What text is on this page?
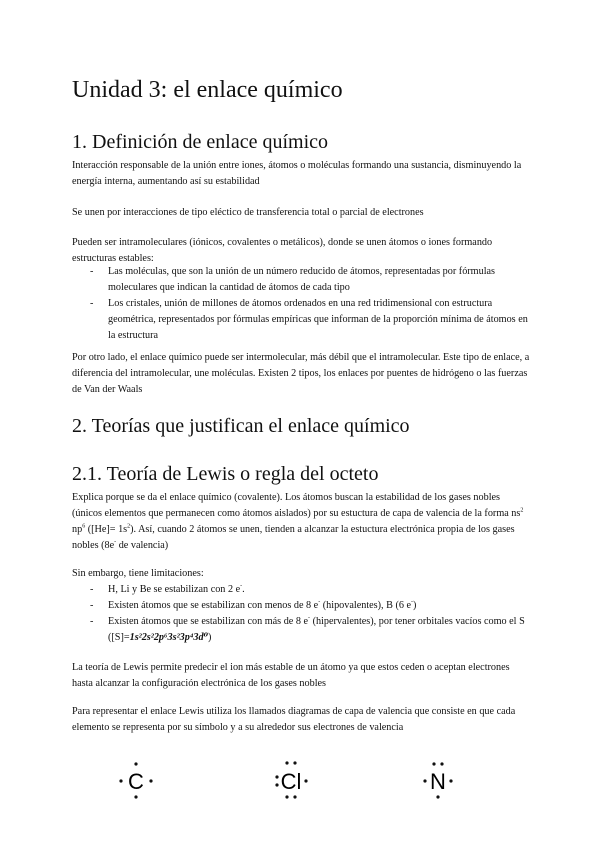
Unidad 3: el enlace químico
1. Definición de enlace químico
Interacción responsable de la unión entre iones, átomos o moléculas formando una sustancia, disminuyendo la energía interna, aumentando así su estabilidad
Se unen por interacciones de tipo eléctico de transferencia total o parcial de electrones
Pueden ser intramoleculares (iónicos, covalentes o metálicos), donde se unen átomos o iones formando estructuras estables:
- Las moléculas, que son la unión de un número reducido de átomos, representadas por fórmulas moleculares que indican la cantidad de átomos de cada tipo
- Los cristales, unión de millones de átomos ordenados en una red tridimensional con estructura geométrica, representados por fórmulas empíricas que informan de la proporción mínima de átomos en la estructura
Por otro lado, el enlace químico puede ser intermolecular, más débil que el intramolecular. Este tipo de enlace, a diferencia del intramolecular, une moléculas. Existen 2 tipos, los enlaces por puentes de hidrógeno o las fuerzas de Van der Waals
2. Teorías que justifican el enlace químico
2.1. Teoría de Lewis o regla del octeto
Explica porque se da el enlace químico (covalente). Los átomos buscan la estabilidad de los gases nobles (únicos elementos que permanecen como átomos aislados) por su estuctura de capa de valencia de la forma $ns^2$ $np^6$ $([He]= 1s^2)$. Así, cuando 2 átomos se unen, tienden a alcanzar la estuctura electrónica propia de los gases nobles (8e- de valencia)
Sin embargo, tiene limitaciones:
- H, Li y Be se estabilizan con 2 e-.
- Existen átomos que se estabilizan con menos de 8 e- (hipovalentes), B (6 e-)
- Existen átomos que se estabilizan con más de 8 e- (hipervalentes), por tener orbitales vacíos como el S ([S]=1s²2s²2p⁶3s²3p⁴3d⁰)
La teoría de Lewis permite predecir el ion más estable de un átomo ya que estos ceden o aceptan electrones hasta alcanzar la configuración electrónica de los gases nobles
Para representar el enlace Lewis utiliza los llamados diagramas de capa de valencia que consiste en que cada elemento se representa por su símbolo y a su alrededor sus electrones de valencia
C	Cl	N
